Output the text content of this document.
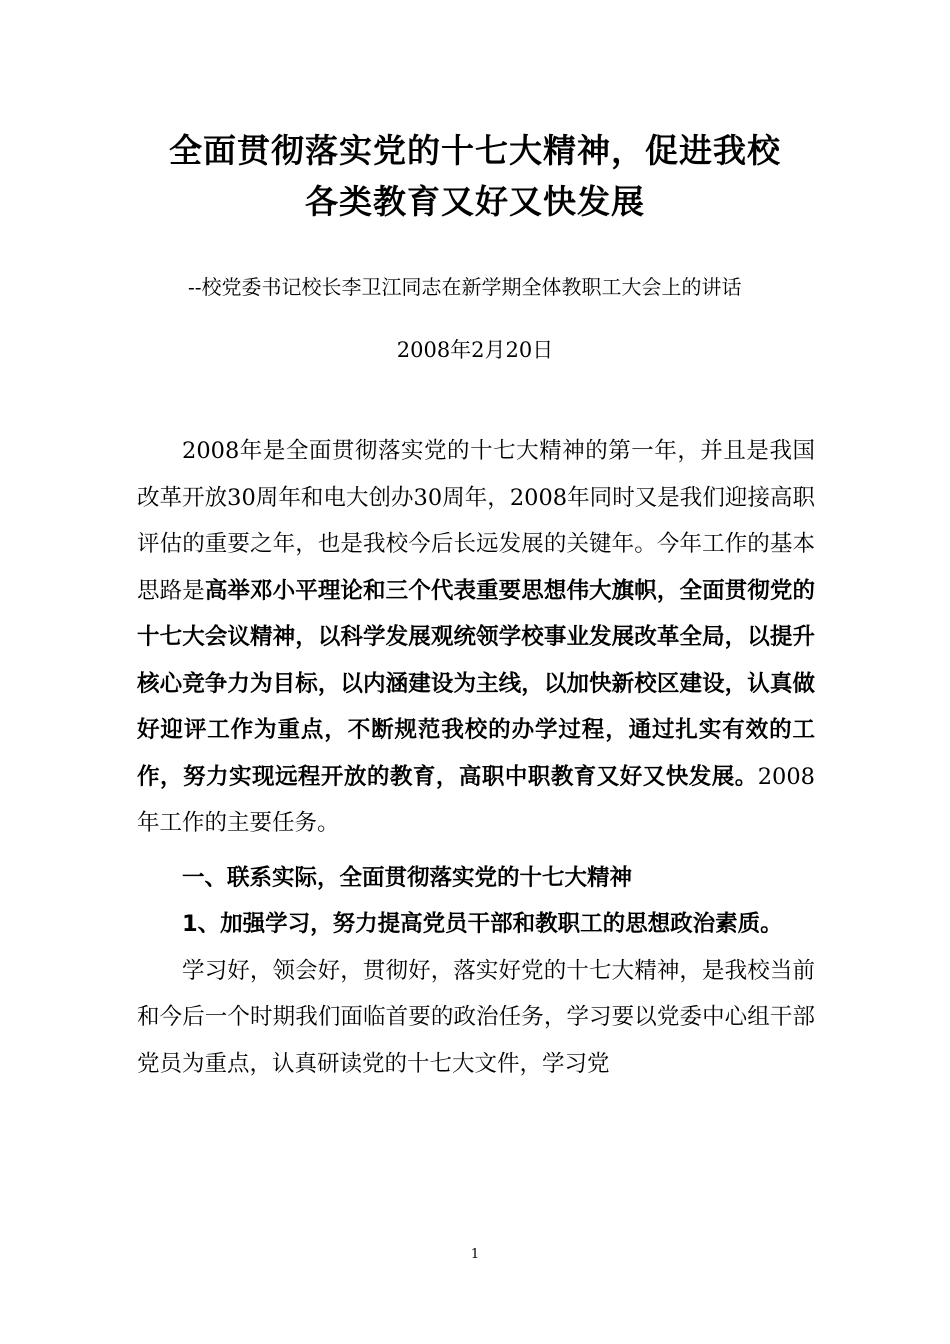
全面贯彻落实党的十七大精神，促进我校
各类教育又好又快发展
--校党委书记校长李卫江同志在新学期全体教职工大会上的讲话
2008年2月20日

2008年是全面贯彻落实党的十七大精神的第一年，并且是我国改革开放30周年和电大创办30周年，2008年同时又是我们迎接高职评估的重要之年，也是我校今后长远发展的关键年。今年工作的基本思路是高举邓小平理论和三个代表重要思想伟大旗帜，全面贯彻党的十七大会议精神，以科学发展观统领学校事业发展改革全局，以提升核心竞争力为目标，以内涵建设为主线，以加快新校区建设，认真做好迎评工作为重点，不断规范我校的办学过程，通过扎实有效的工作，努力实现远程开放的教育，高职中职教育又好又快发展。2008年工作的主要任务。

一、联系实际，全面贯彻落实党的十七大精神

1、加强学习，努力提高党员干部和教职工的思想政治素质。

学习好，领会好，贯彻好，落实好党的十七大精神，是我校当前和今后一个时期我们面临首要的政治任务，学习要以党委中心组干部党员为重点，认真研读党的十七大文件，学习党

1
